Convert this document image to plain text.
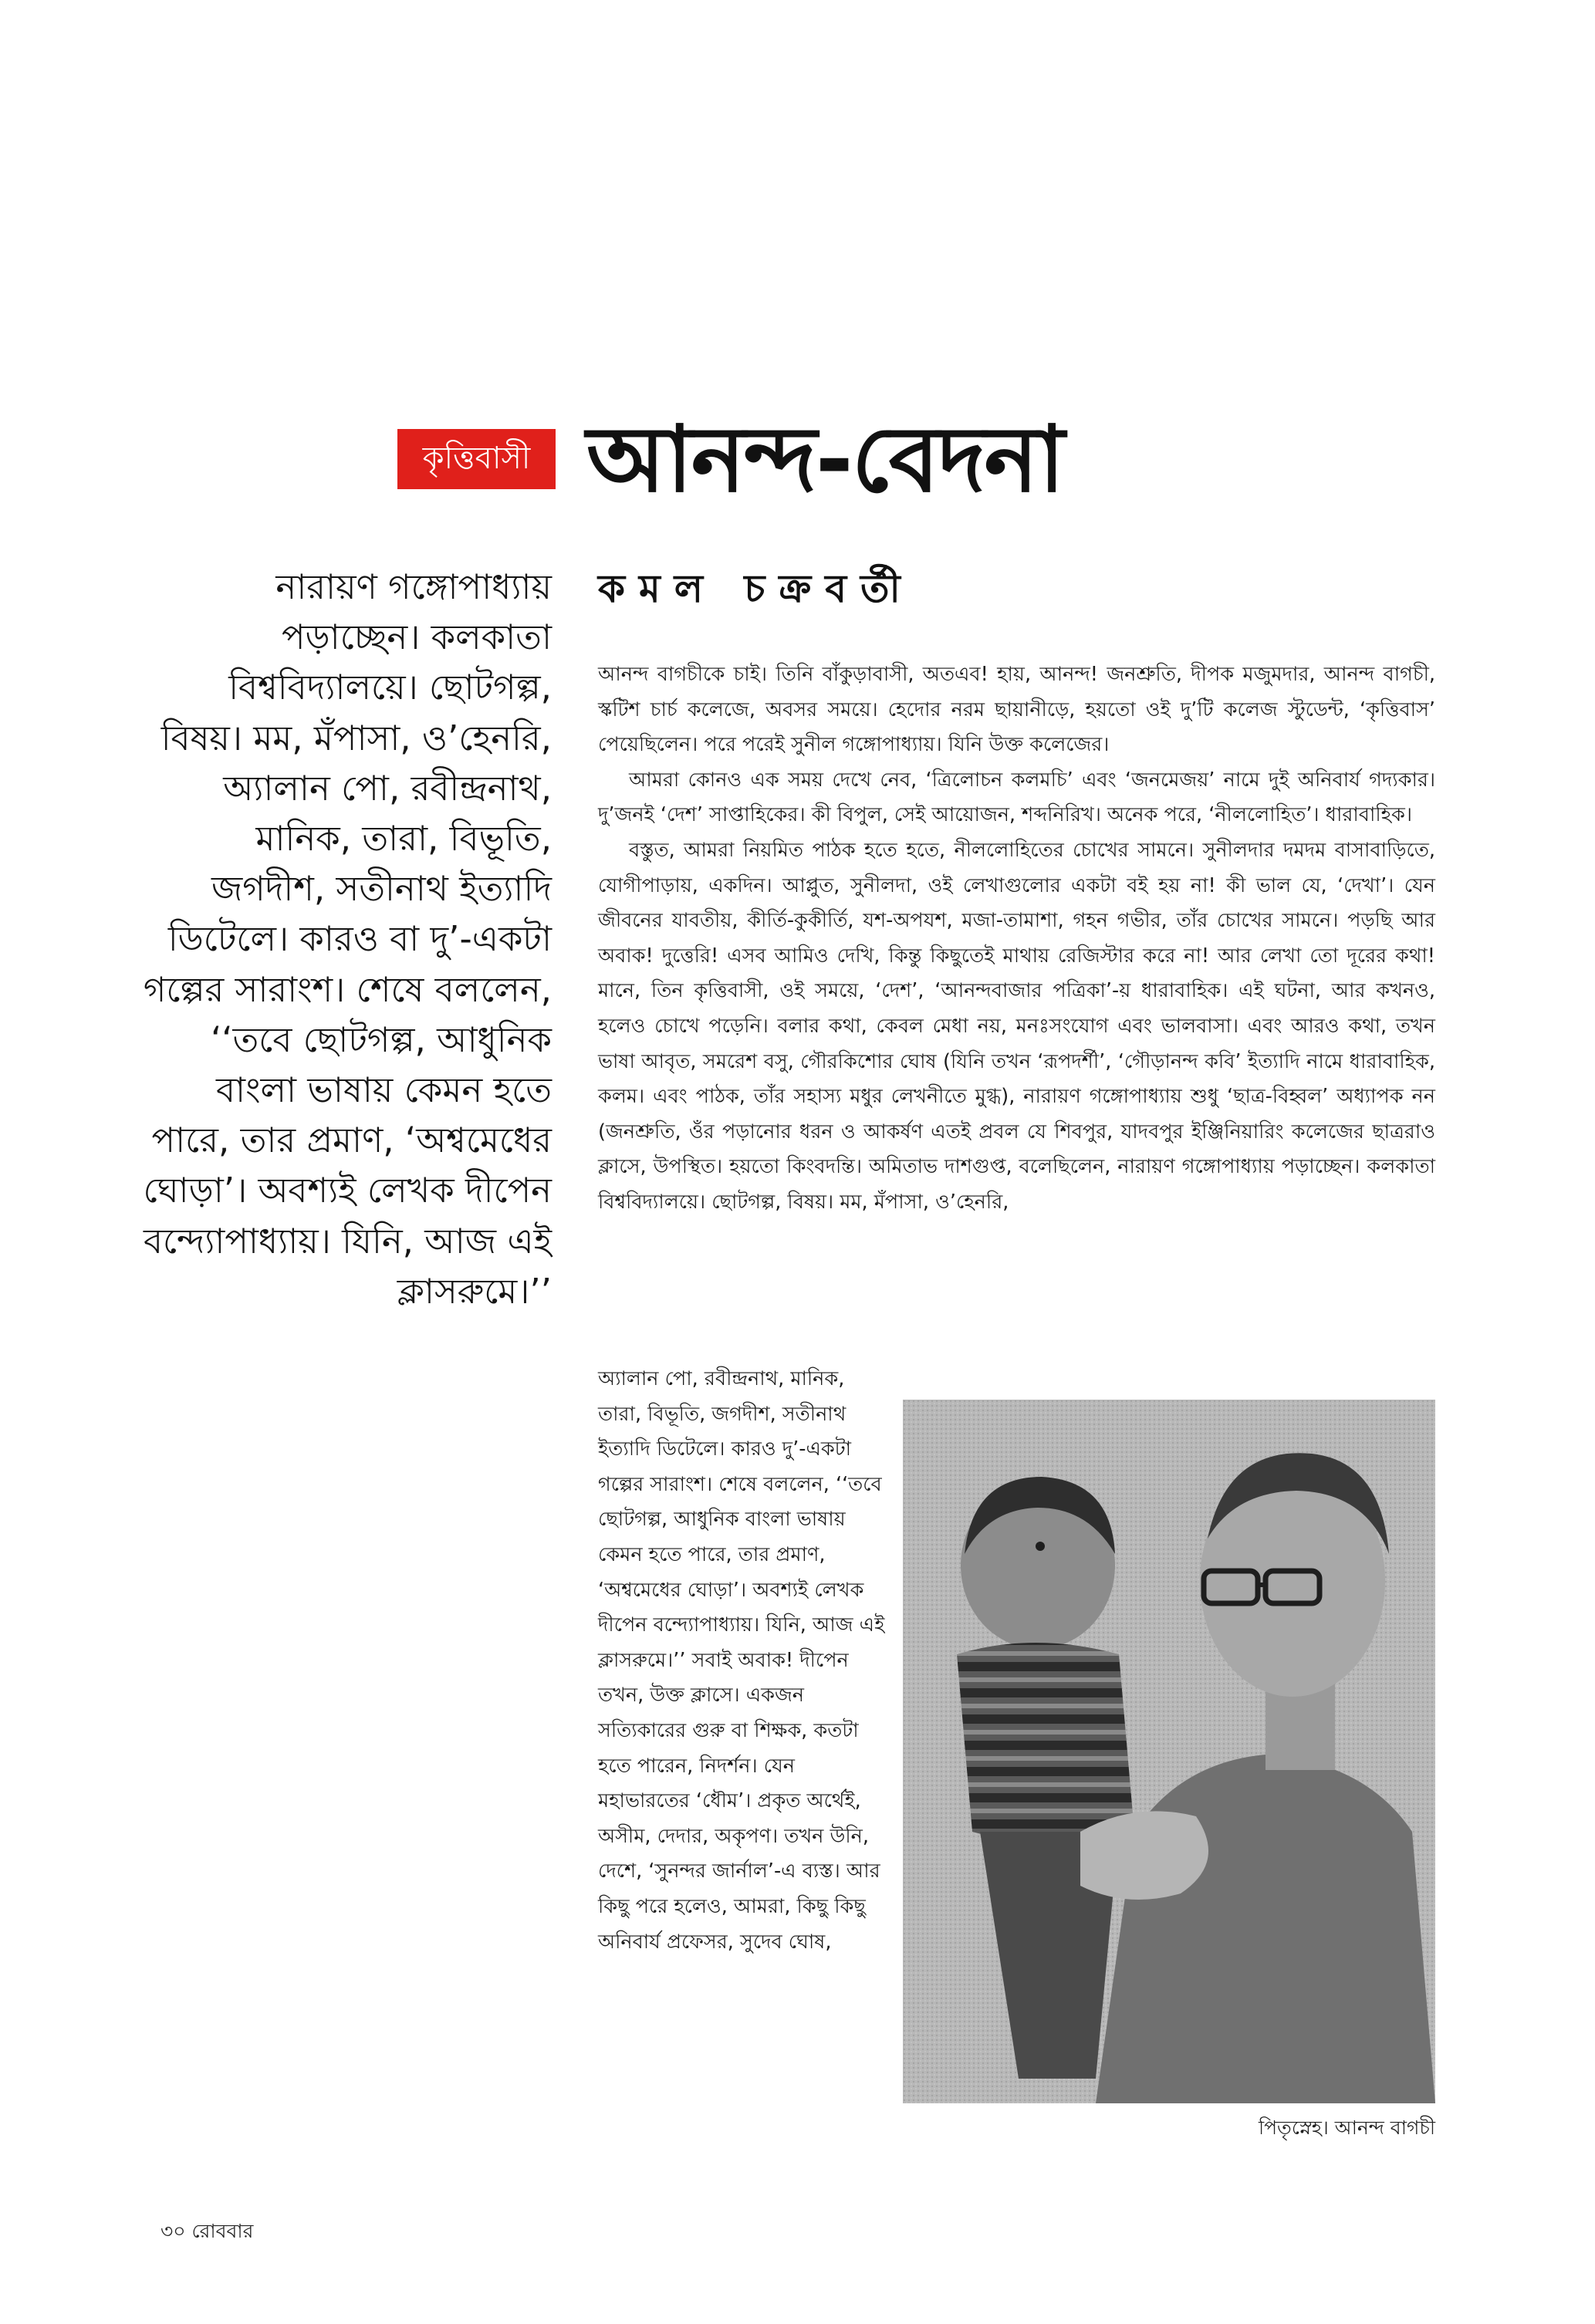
কৃত্তিবাসী আনন্দ-বেদনা
কমল চক্রবর্তী
নারায়ণ গঙ্গোপাধ্যায় পড়াচ্ছেন। কলকাতা বিশ্ববিদ্যালয়ে। ছোটগল্প, বিষয়। মম, মঁপাসা, ও’হেনরি, অ্যালান পো, রবীন্দ্রনাথ, মানিক, তারা, বিভূতি, জগদীশ, সতীনাথ ইত্যাদি ডিটেলে। কারও বা দু’-একটা গল্পের সারাংশ। শেষে বললেন, ‘‘তবে ছোটগল্প, আধুনিক বাংলা ভাষায় কেমন হতে পারে, তার প্রমাণ, ‘অশ্বমেধের ঘোড়া’। অবশ্যই লেখক দীপেন বন্দ্যোপাধ্যায়। যিনি, আজ এই ক্লাসরুমে।’’

আনন্দ বাগচীকে চাই। তিনি বাঁকুড়াবাসী, অতএব! হায়, আনন্দ! জনশ্রুতি, দীপক মজুমদার, আনন্দ বাগচী, স্কটিশ চার্চ কলেজে, অবসর সময়ে। হেদোর নরম ছায়ানীড়ে, হয়তো ওই দু’টি কলেজ স্টুডেন্ট, ‘কৃত্তিবাস’ পেয়েছিলেন। পরে পরেই সুনীল গঙ্গোপাধ্যায়। যিনি উক্ত কলেজের।

আমরা কোনও এক সময় দেখে নেব, ‘ত্রিলোচন কলমচি’ এবং ‘জনমেজয়’ নামে দুই অনিবার্য গদ্যকার। দু’জনই ‘দেশ’ সাপ্তাহিকের। কী বিপুল, সেই আয়োজন, শব্দনিরিখ। অনেক পরে, ‘নীললোহিত’। ধারাবাহিক।

বস্তুত, আমরা নিয়মিত পাঠক হতে হতে, নীললোহিতের চোখের সামনে। সুনীলদার দমদম বাসাবাড়িতে, যোগীপাড়ায়, একদিন। আপ্লুত, সুনীলদা, ওই লেখাগুলোর একটা বই হয় না! কী ভাল যে, ‘দেখা’। যেন জীবনের যাবতীয়, কীর্তি-কুকীর্তি, যশ-অপযশ, মজা-তামাশা, গহন গভীর, তাঁর চোখের সামনে। পড়ছি আর অবাক! দুত্তেরি! এসব আমিও দেখি, কিন্তু কিছুতেই মাথায় রেজিস্টার করে না! আর লেখা তো দূরের কথা! মানে, তিন কৃত্তিবাসী, ওই সময়ে, ‘দেশ’, ‘আনন্দবাজার পত্রিকা’-য় ধারাবাহিক। এই ঘটনা, আর কখনও, হলেও চোখে পড়েনি। বলার কথা, কেবল মেধা নয়, মনঃসংযোগ এবং ভালবাসা। এবং আরও কথা, তখন ভাষা আবৃত, সমরেশ বসু, গৌরকিশোর ঘোষ (যিনি তখন ‘রূপদর্শী’, ‘গৌড়ানন্দ কবি’ ইত্যাদি নামে ধারাবাহিক, কলম। এবং পাঠক, তাঁর সহাস্য মধুর লেখনীতে মুগ্ধ), নারায়ণ গঙ্গোপাধ্যায় শুধু ‘ছাত্র-বিহ্বল’ অধ্যাপক নন (জনশ্রুতি, ওঁর পড়ানোর ধরন ও আকর্ষণ এতই প্রবল যে শিবপুর, যাদবপুর ইঞ্জিনিয়ারিং কলেজের ছাত্ররাও ক্লাসে, উপস্থিত। হয়তো কিংবদন্তি। অমিতাভ দাশগুপ্ত, বলেছিলেন, নারায়ণ গঙ্গোপাধ্যায় পড়াচ্ছেন। কলকাতা বিশ্ববিদ্যালয়ে। ছোটগল্প, বিষয়। মম, মঁপাসা, ও’হেনরি,

অ্যালান পো, রবীন্দ্রনাথ, মানিক, তারা, বিভূতি, জগদীশ, সতীনাথ ইত্যাদি ডিটেলে। কারও দু’-একটা গল্পের সারাংশ। শেষে বললেন, ‘‘তবে ছোটগল্প, আধুনিক বাংলা ভাষায় কেমন হতে পারে, তার প্রমাণ, ‘অশ্বমেধের ঘোড়া’। অবশ্যই লেখক দীপেন বন্দ্যোপাধ্যায়। যিনি, আজ এই ক্লাসরুমে।’’ সবাই অবাক! দীপেন তখন, উক্ত ক্লাসে। একজন সত্যিকারের গুরু বা শিক্ষক, কতটা হতে পারেন, নিদর্শন। যেন মহাভারতের ‘ধৌম’। প্রকৃত অর্থেই, অসীম, দেদার, অকৃপণ। তখন উনি, দেশে, ‘সুনন্দর জার্নাল’-এ ব্যস্ত। আর কিছু পরে হলেও, আমরা, কিছু কিছু অনিবার্য প্রফেসর, সুদেব ঘোষ,
পিতৃস্নেহ। আনন্দ বাগচী
৩০ রোববার
